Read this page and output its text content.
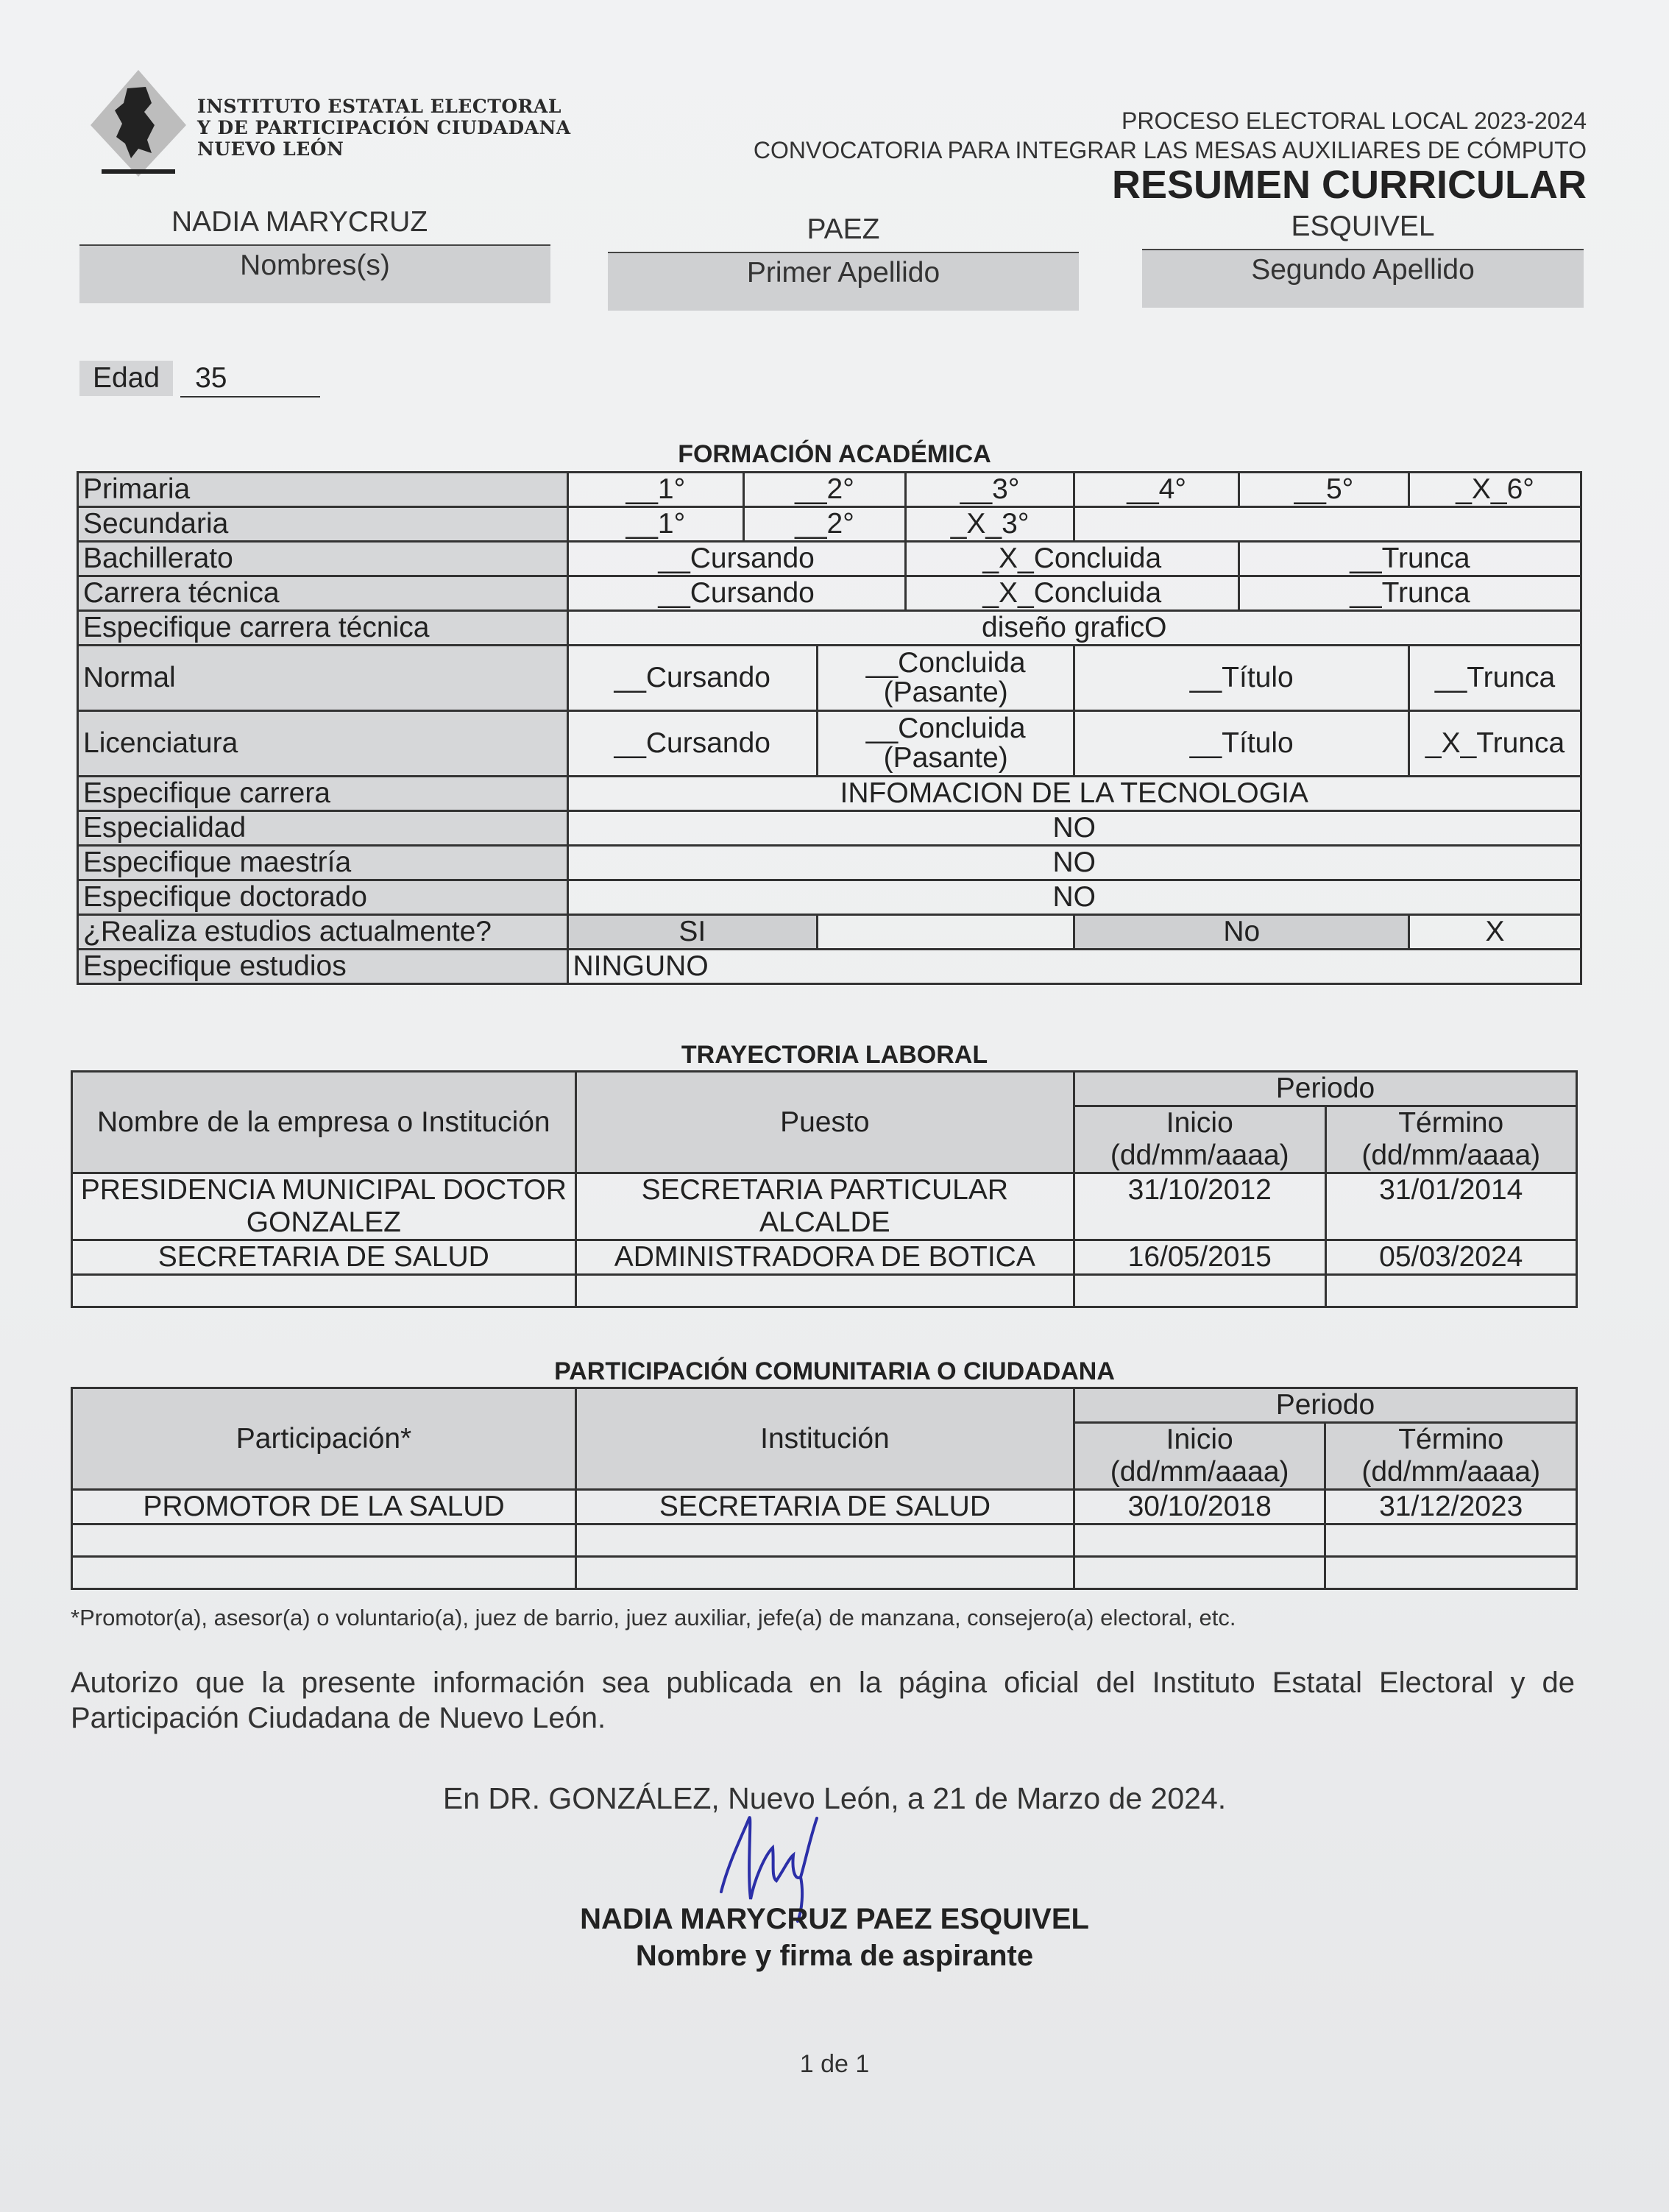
INSTITUTO ESTATAL ELECTORAL
Y DE PARTICIPACIÓN CIUDADANA
NUEVO LEÓN
PROCESO ELECTORAL LOCAL 2023-2024
CONVOCATORIA PARA INTEGRAR LAS MESAS AUXILIARES DE CÓMPUTO
RESUMEN CURRICULAR
NADIA MARYCRUZ
Nombres(s)
PAEZ
Primer Apellido
ESQUIVEL
Segundo Apellido
Edad 35
FORMACIÓN ACADÉMICA
Primaria	__1°	__2°		__3°	__4°	__5°	_X_6°
Secundaria	__1°	__2°		_X_3°			
Bachillerato	__Cursando			_X_Concluida		__Trunca	
Carrera técnica	__Cursando			_X_Concluida		__Trunca	
Especifique carrera técnica	diseño graficO						
Normal	__Cursando		__Concluida (Pasante)		__Título		__Trunca
Licenciatura	__Cursando		__Concluida (Pasante)		__Título		_X_Trunca
Especifique carrera	INFOMACION DE LA TECNOLOGIA						
Especialidad	NO						
Especifique maestría	NO						
Especifique doctorado	NO						
¿Realiza estudios actualmente?	SI				No		X
Especifique estudios	NINGUNO						
TRAYECTORIA LABORAL
Nombre de la empresa o Institución	Puesto	Periodo	
		Inicio (dd/mm/aaaa)	Término (dd/mm/aaaa)
PRESIDENCIA MUNICIPAL DOCTOR GONZALEZ	SECRETARIA PARTICULAR ALCALDE	31/10/2012	31/01/2014
SECRETARIA DE SALUD	ADMINISTRADORA DE BOTICA	16/05/2015	05/03/2024

PARTICIPACIÓN COMUNITARIA O CIUDADANA
Participación*	Institución	Periodo	
		Inicio (dd/mm/aaaa)	Término (dd/mm/aaaa)
PROMOTOR DE LA SALUD	SECRETARIA DE SALUD	30/10/2018	31/12/2023

*Promotor(a), asesor(a) o voluntario(a), juez de barrio, juez auxiliar, jefe(a) de manzana, consejero(a) electoral, etc.
Autorizo que la presente información sea publicada en la página oficial del Instituto Estatal Electoral y de Participación Ciudadana de Nuevo León.
En DR. GONZÁLEZ, Nuevo León, a 21 de Marzo de 2024.
NADIA MARYCRUZ PAEZ ESQUIVEL
Nombre y firma de aspirante
1 de 1
